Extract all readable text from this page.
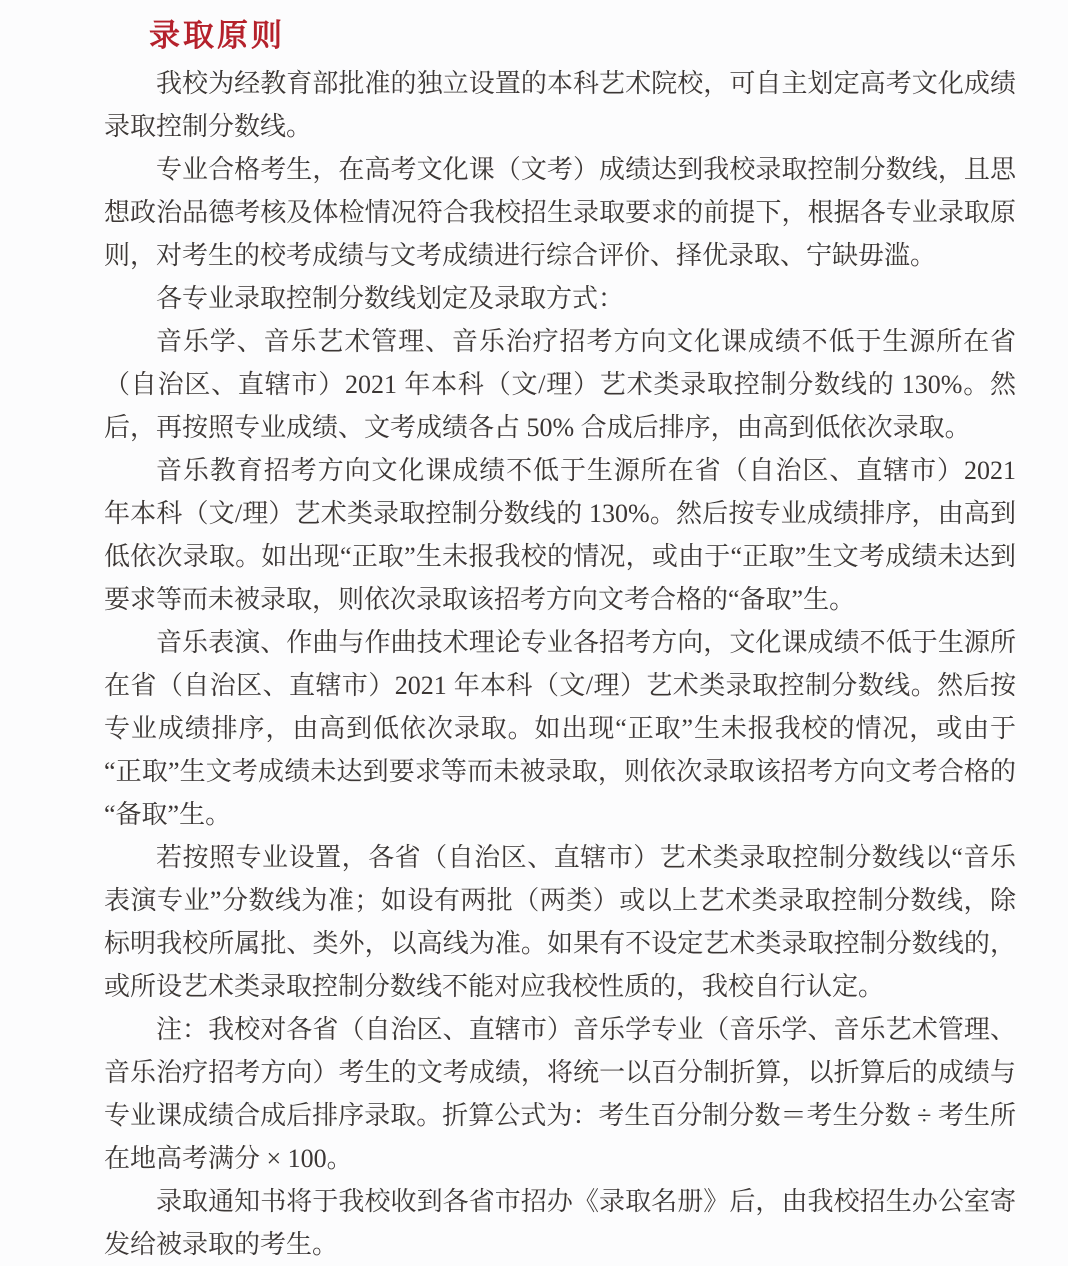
录取原则

我校为经教育部批准的独立设置的本科艺术院校，可自主划定高考文化成绩录取控制分数线。

专业合格考生，在高考文化课（文考）成绩达到我校录取控制分数线，且思想政治品德考核及体检情况符合我校招生录取要求的前提下，根据各专业录取原则，对考生的校考成绩与文考成绩进行综合评价、择优录取、宁缺毋滥。

各专业录取控制分数线划定及录取方式：

音乐学、音乐艺术管理、音乐治疗招考方向文化课成绩不低于生源所在省（自治区、直辖市）2021 年本科（文/理）艺术类录取控制分数线的 130%。然后，再按照专业成绩、文考成绩各占 50% 合成后排序，由高到低依次录取。

音乐教育招考方向文化课成绩不低于生源所在省（自治区、直辖市）2021 年本科（文/理）艺术类录取控制分数线的 130%。然后按专业成绩排序，由高到低依次录取。如出现“正取”生未报我校的情况，或由于“正取”生文考成绩未达到要求等而未被录取，则依次录取该招考方向文考合格的“备取”生。

音乐表演、作曲与作曲技术理论专业各招考方向，文化课成绩不低于生源所在省（自治区、直辖市）2021 年本科（文/理）艺术类录取控制分数线。然后按专业成绩排序，由高到低依次录取。如出现“正取”生未报我校的情况，或由于“正取”生文考成绩未达到要求等而未被录取，则依次录取该招考方向文考合格的“备取”生。

若按照专业设置，各省（自治区、直辖市）艺术类录取控制分数线以“音乐表演专业”分数线为准；如设有两批（两类）或以上艺术类录取控制分数线，除标明我校所属批、类外，以高线为准。如果有不设定艺术类录取控制分数线的，或所设艺术类录取控制分数线不能对应我校性质的，我校自行认定。

注：我校对各省（自治区、直辖市）音乐学专业（音乐学、音乐艺术管理、音乐治疗招考方向）考生的文考成绩，将统一以百分制折算，以折算后的成绩与专业课成绩合成后排序录取。折算公式为：考生百分制分数＝考生分数 ÷ 考生所在地高考满分 × 100。

录取通知书将于我校收到各省市招办《录取名册》后，由我校招生办公室寄发给被录取的考生。
